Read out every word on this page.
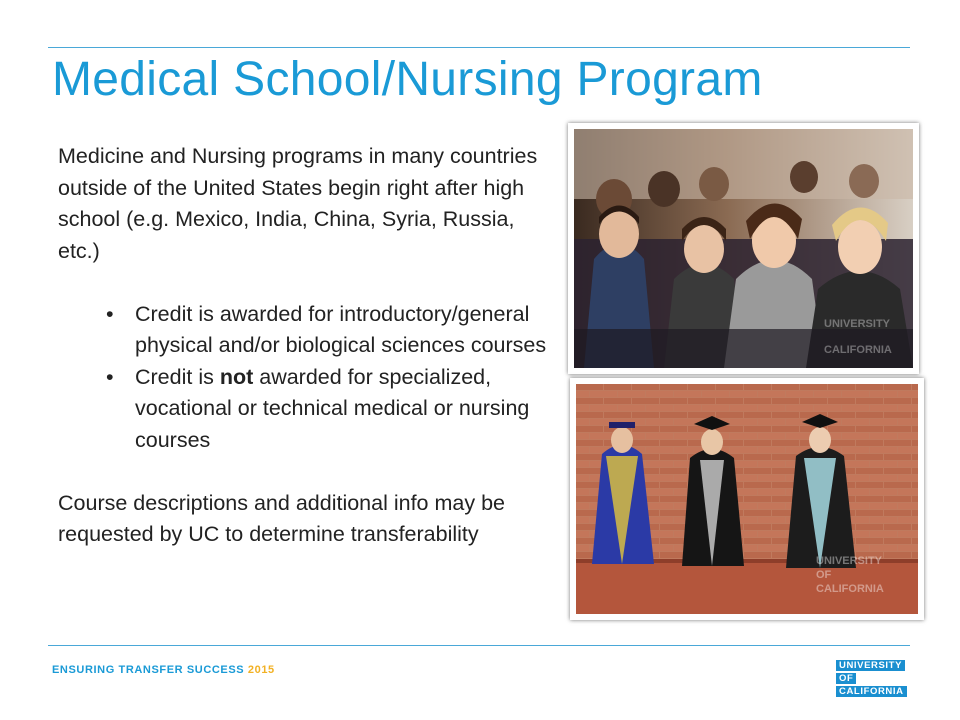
Medical School/Nursing Program

Medicine and Nursing programs in many countries outside of the United States begin right after high school (e.g. Mexico, India, China, Syria, Russia, etc.)

• Credit is awarded for introductory/general physical and/or biological sciences courses
• Credit is not awarded for specialized, vocational or technical medical or nursing courses

Course descriptions and additional info may be requested by UC to determine transferability

UNIVERSITY
CALIFORNIA
UNIVERSITY
OF
CALIFORNIA
ENSURING TRANSFER SUCCESS 2015	UNIVERSITY
OF
CALIFORNIA
